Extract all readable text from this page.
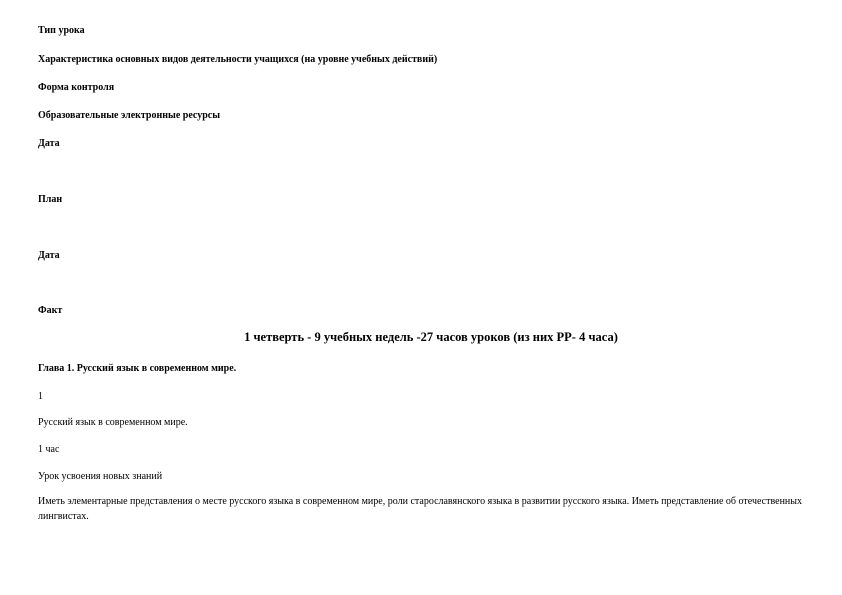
Тип урока

Характеристика основных видов деятельности учащихся (на уровне учебных действий)

Форма контроля

Образовательные электронные ресурсы

Дата

План

Дата

Факт

1 четверть - 9 учебных недель -27 часов уроков (из них РР- 4 часа)

Глава 1. Русский язык в современном мире.

1

Русский язык в современном мире.

1 час

Урок усвоения новых знаний

Иметь элементарные представления о месте русского языка в современном мире, роли старославянского языка в развитии русского языка. Иметь представление об отечественных лингвистах.
